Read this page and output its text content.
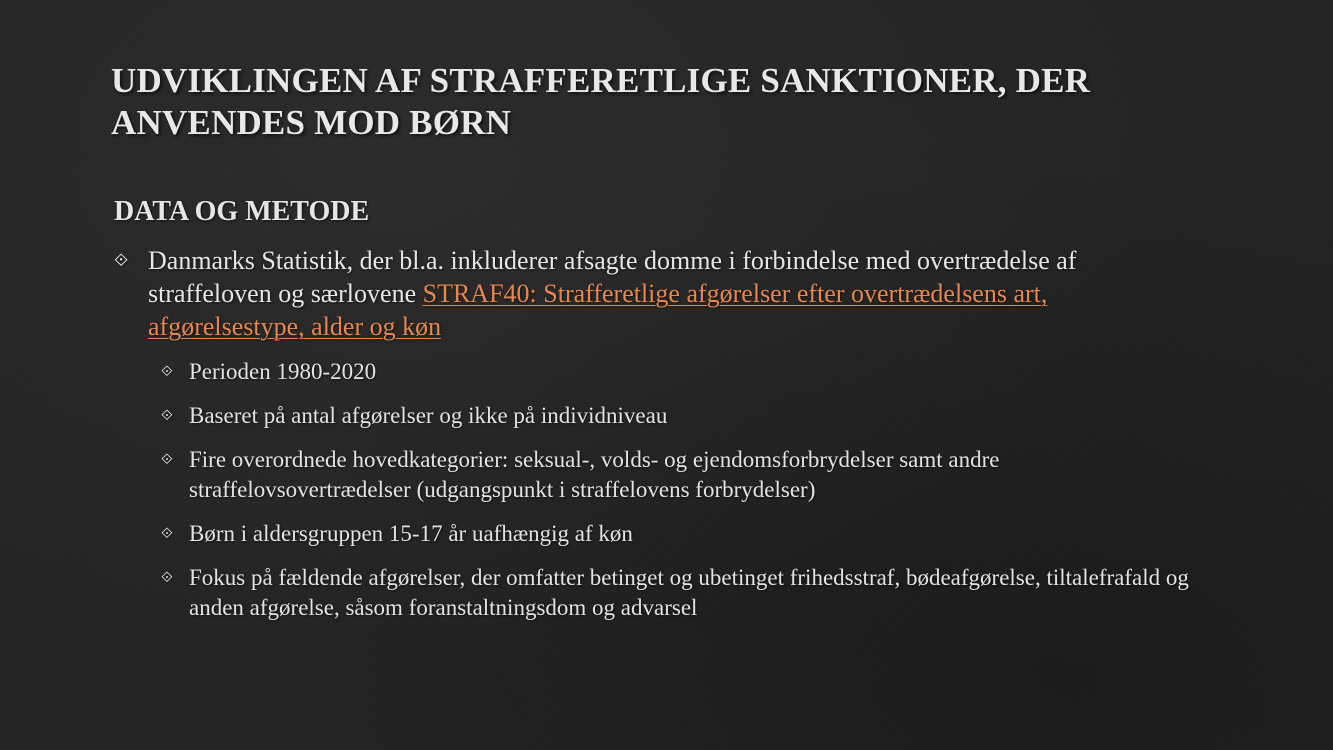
UDVIKLINGEN AF STRAFFERETLIGE SANKTIONER, DER ANVENDES MOD BØRN
DATA OG METODE
⟐ Danmarks Statistik, der bl.a. inkluderer afsagte domme i forbindelse med overtrædelse af straffeloven og særlovene STRAF40: Strafferetlige afgørelser efter overtrædelsens art, afgørelsestype, alder og køn
⟐ Perioden 1980-2020
⟐ Baseret på antal afgørelser og ikke på individniveau
⟐ Fire overordnede hovedkategorier: seksual-, volds- og ejendomsforbrydelser samt andre straffelovsovertrædelser (udgangspunkt i straffelovens forbrydelser)
⟐ Børn i aldersgruppen 15-17 år uafhængig af køn
⟐ Fokus på fældende afgørelser, der omfatter betinget og ubetinget frihedsstraf, bødeafgørelse, tiltalefrafald og anden afgørelse, såsom foranstaltningsdom og advarsel
